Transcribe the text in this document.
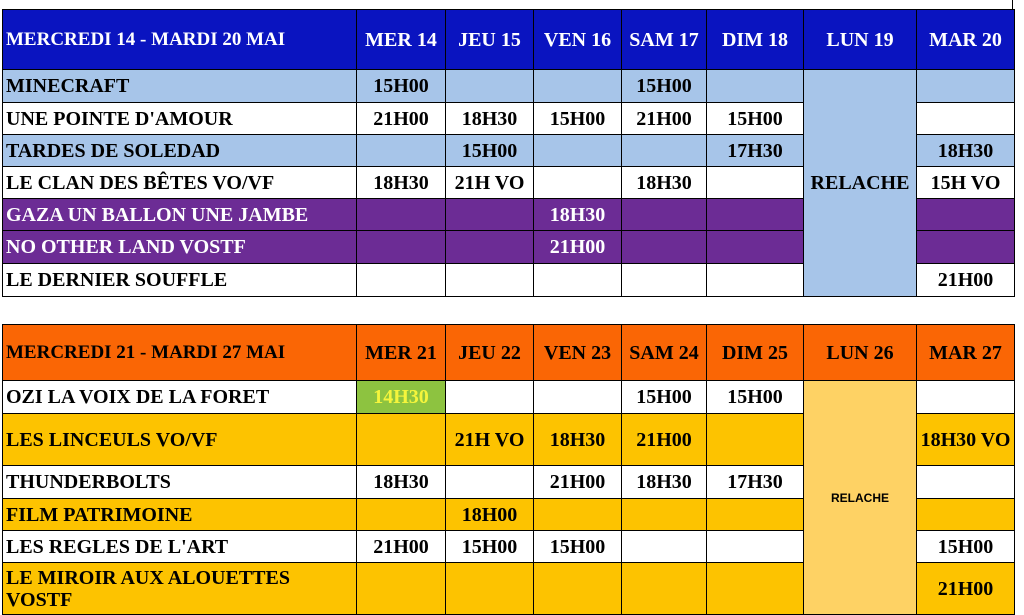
MERCREDI 14 - MARDI 20 MAI	MER 14	JEU 15	VEN 16	SAM 17	DIM 18	LUN 19	MAR 20
MINECRAFT	15H00			15H00		RELACHE	
UNE POINTE D'AMOUR	21H00	18H30	15H00	21H00	15H00		
TARDES DE SOLEDAD		15H00			17H30		18H30
LE CLAN DES BÊTES VO/VF	18H30	21H VO		18H30			15H VO
GAZA UN BALLON UNE JAMBE			18H30				
NO OTHER LAND VOSTF			21H00				
LE DERNIER SOUFFLE							21H00
MERCREDI 21 - MARDI 27 MAI	MER 21	JEU 22	VEN 23	SAM 24	DIM 25	LUN 26	MAR 27
OZI LA VOIX DE LA FORET	14H30			15H00	15H00	RELACHE	
LES LINCEULS VO/VF		21H VO	18H30	21H00			18H30 VO
THUNDERBOLTS	18H30		21H00	18H30	17H30		
FILM PATRIMOINE		18H00					
LES REGLES DE L'ART	21H00	15H00	15H00				15H00
LE MIROIR AUX ALOUETTES VOSTF							21H00
